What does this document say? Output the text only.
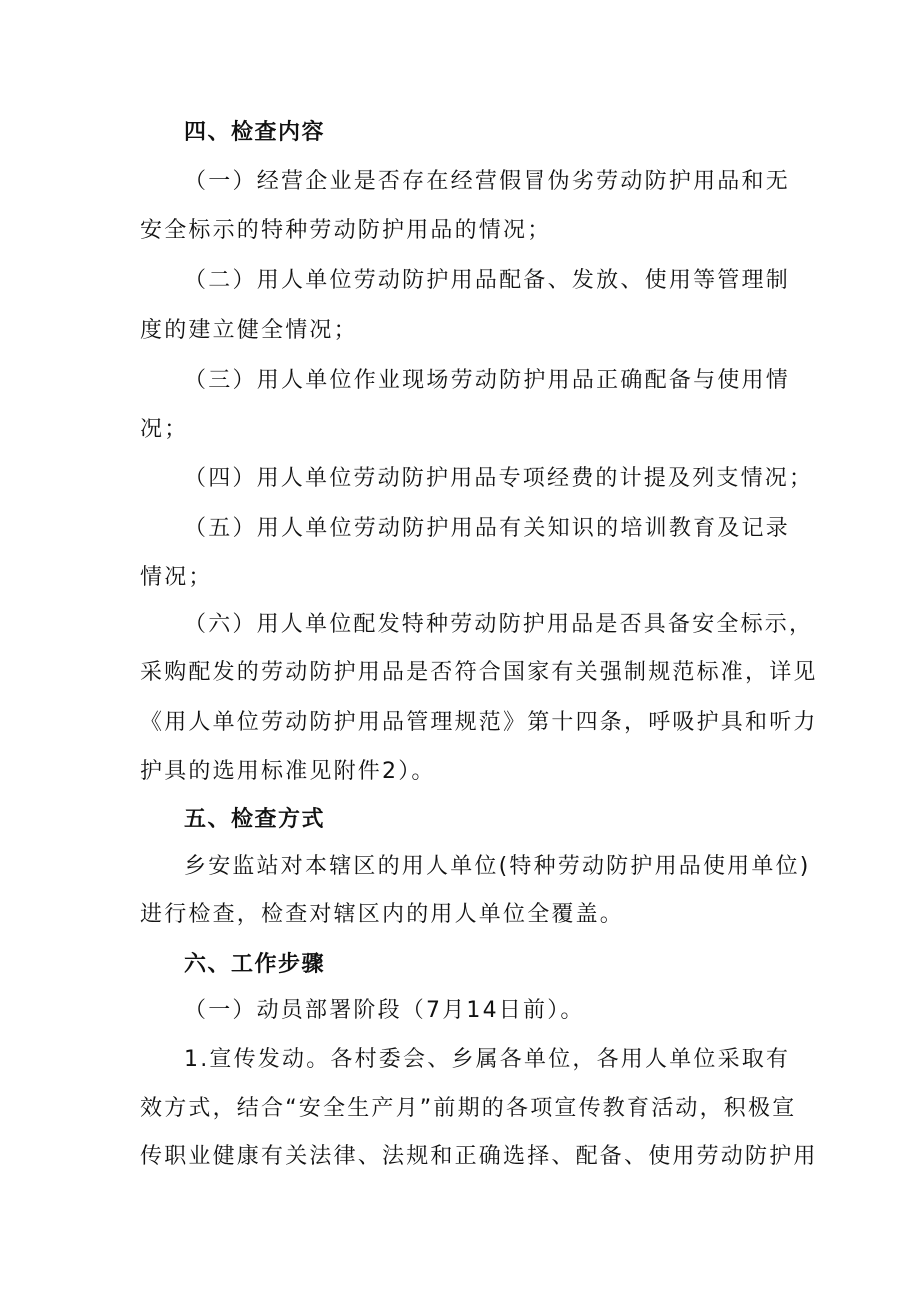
四、检查内容
（一）经营企业是否存在经营假冒伪劣劳动防护用品和无
安全标示的特种劳动防护用品的情况；
（二）用人单位劳动防护用品配备、发放、使用等管理制
度的建立健全情况；
（三）用人单位作业现场劳动防护用品正确配备与使用情
况；
（四）用人单位劳动防护用品专项经费的计提及列支情况；
（五）用人单位劳动防护用品有关知识的培训教育及记录
情况；
（六）用人单位配发特种劳动防护用品是否具备安全标示，
采购配发的劳动防护用品是否符合国家有关强制规范标准，详见
《用人单位劳动防护用品管理规范》第十四条，呼吸护具和听力
护具的选用标准见附件2）。
五、检查方式
乡安监站对本辖区的用人单位(特种劳动防护用品使用单位)
进行检查，检查对辖区内的用人单位全覆盖。
六、工作步骤
（一）动员部署阶段（7月14日前）。
1.宣传发动。各村委会、乡属各单位，各用人单位采取有
效方式，结合“安全生产月”前期的各项宣传教育活动，积极宣
传职业健康有关法律、法规和正确选择、配备、使用劳动防护用
